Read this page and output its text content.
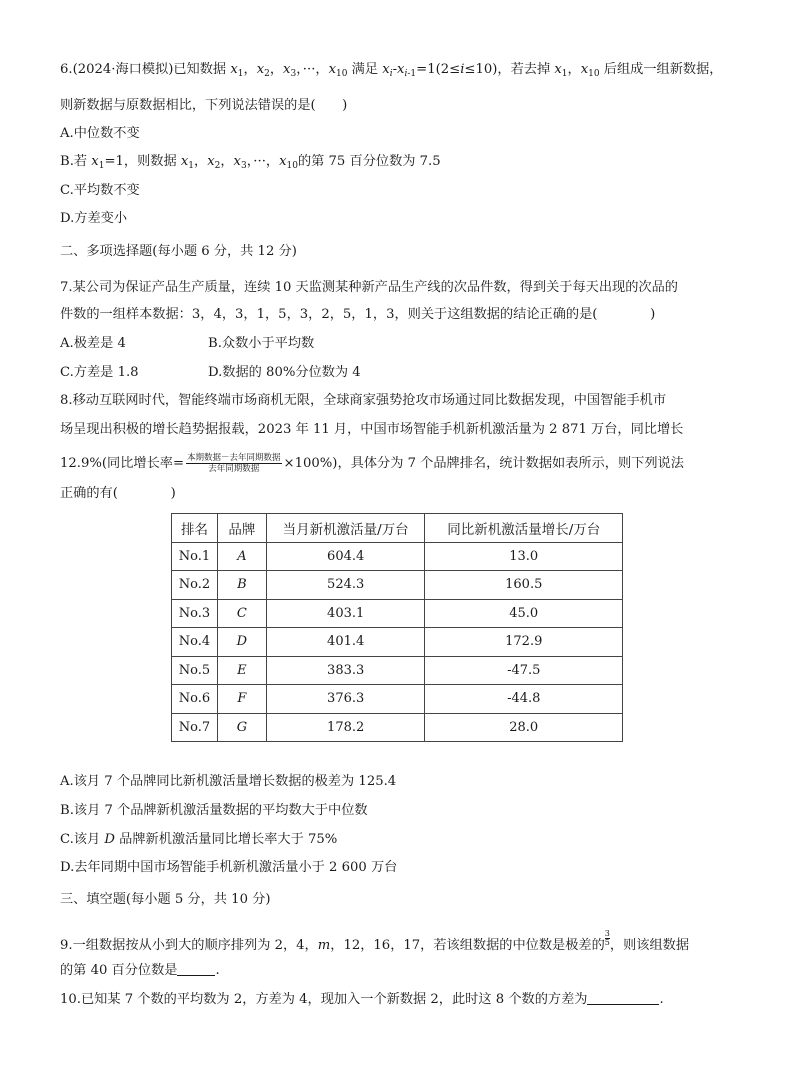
6.(2024·海口模拟)已知数据 $x_1$，$x_2$，$x_3$，···，$x_{10}$ 满足 $x_i-x_{i-1}=1(2\le i\le 10)$，若去掉 $x_1$，$x_{10}$ 后组成一组新数据，
则新数据与原数据相比，下列说法错误的是(　　)
A.中位数不变
B.若 $x_1=1$，则数据 $x_1$，$x_2$，$x_3$，···，$x_{10}$的第 75 百分位数为 7.5
C.平均数不变
D.方差变小
二、多项选择题(每小题 6 分，共 12 分)
7.某公司为保证产品生产质量，连续 10 天监测某种新产品生产线的次品件数，得到关于每天出现的次品的
件数的一组样本数据：3，4，3，1，5，3，2，5，1，3，则关于这组数据的结论正确的是(　　　　)
A.极差是 4	B.众数小于平均数
C.方差是 1.8	D.数据的 80%分位数为 4
8.移动互联网时代，智能终端市场商机无限，全球商家强势抢攻市场通过同比数据发现，中国智能手机市
场呈现出积极的增长趋势据报载，2023 年 11 月，中国市场智能手机新机激活量为 2 871 万台，同比增长
12.9%(同比增长率= $\frac{\text{本期数据－去年同期数据}}{\text{去年同期数据}} \times 100\%$)，具体分为 7 个品牌排名，统计数据如表所示，则下列说法
正确的有(　　　　)
排名	品牌	当月新机激活量/万台	同比新机激活量增长/万台
No.1	A	604.4	13.0
No.2	B	524.3	160.5
No.3	C	403.1	45.0
No.4	D	401.4	172.9
No.5	E	383.3	-47.5
No.6	F	376.3	-44.8
No.7	G	178.2	28.0
A.该月 7 个品牌同比新机激活量增长数据的极差为 125.4
B.该月 7 个品牌新机激活量数据的平均数大于中位数
C.该月 D 品牌新机激活量同比增长率大于 75%
D.去年同期中国市场智能手机新机激活量小于 2 600 万台
三、填空题(每小题 5 分，共 10 分)
9.一组数据按从小到大的顺序排列为 2，4，m，12，16，17，若该组数据的中位数是极差的 $\frac{3}{5}$ ，则该组数据
的第 40 百分位数是	.
10.已知某 7 个数的平均数为 2，方差为 4，现加入一个新数据 2，此时这 8 个数的方差为	.
